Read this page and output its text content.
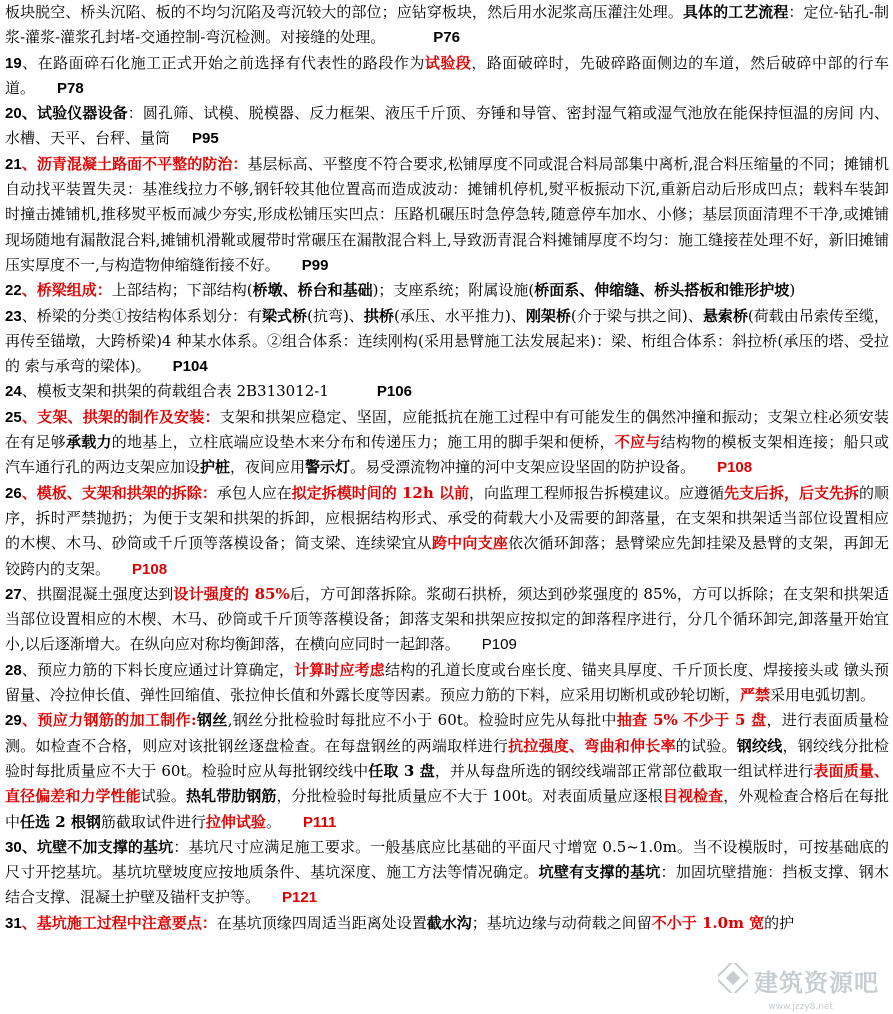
板块脱空、桥头沉陷、板的不均匀沉陷及弯沉较大的部位；应钻穿板块，然后用水泥浆高压灌注处理。具体的工艺流程：定位-钻孔-制浆-灌浆-灌浆孔封堵-交通控制-弯沉检测。对接缝的处理。	P76

19、在路面碎石化施工正式开始之前选择有代表性的路段作为试验段，路面破碎时，先破碎路面侧边的车道，然后破碎中部的行车道。 P78

20、试验仪器设备：圆孔筛、试模、脱模器、反力框架、液压千斤顶、夯锤和导管、密封湿气箱或湿气池放在能保持恒温的房间 内、水槽、天平、台秤、量筒 P95

21、沥青混凝土路面不平整的防治：基层标高、平整度不符合要求,松铺厚度不同或混合料局部集中离析,混合料压缩量的不同；摊铺机自动找平装置失灵：基准线拉力不够,钢钎较其他位置高而造成波动：摊铺机停机,熨平板振动下沉,重新启动后形成凹点；载料车装卸时撞击摊铺机,推移熨平板而减少夯实,形成松铺压实凹点：压路机碾压时急停急转,随意停车加水、小修；基层顶面清理不干净,或摊铺现场随地有漏散混合料,摊铺机滑靴或履带时常碾压在漏散混合料上,导致沥青混合料摊铺厚度不均匀：施工缝接茬处理不好，新旧摊铺压实厚度不一,与构造物伸缩缝衔接不好。 P99

22、桥梁组成：上部结构；下部结构(桥墩、桥台和基础)；支座系统；附属设施(桥面系、伸缩缝、桥头搭板和锥形护坡)

23、桥梁的分类①按结构体系划分：有梁式桥(抗弯)、拱桥(承压、水平推力)、刚架桥(介于梁与拱之间)、悬索桥(荷载由吊索传至缆，再传至锚墩，大跨桥梁)4 种某水体系。②组合体系：连续刚构(采用悬臂施工法发展起来)：梁、桁组合体系：斜拉桥(承压的塔、受拉的 索与承弯的梁体)。 P104

24、模板支架和拱架的荷载组合表 2B313012-1	P106

25、支架、拱架的制作及安装：支架和拱架应稳定、坚固，应能抵抗在施工过程中有可能发生的偶然冲撞和振动；支架立柱必须安装在有足够承载力的地基上，立柱底端应设垫木来分布和传递压力；施工用的脚手架和便桥，不应与结构物的模板支架相连接；船只或汽车通行孔的两边支架应加设护桩，夜间应用警示灯。易受漂流物冲撞的河中支架应设坚固的防护设备。 P108

26、模板、支架和拱架的拆除：承包人应在拟定拆模时间的 12h 以前，向监理工程师报告拆模建议。应遵循先支后拆，后支先拆的顺序，拆时严禁抛扔；为便于支架和拱架的拆卸，应根据结构形式、承受的荷载大小及需要的卸落量，在支架和拱架适当部位设置相应的木楔、木马、砂筒或千斤顶等落模设备；简支梁、连续梁宜从跨中向支座依次循环卸落；悬臂梁应先卸挂梁及悬臂的支架，再卸无铰跨内的支架。 P108

27、拱圈混凝土强度达到设计强度的 85%后，方可卸落拆除。浆砌石拱桥，须达到砂浆强度的 85%，方可以拆除；在支架和拱架适当部位设置相应的木楔、木马、砂筒或千斤顶等落模设备；卸落支架和拱架应按拟定的卸落程序进行，分几个循环卸完,卸落量开始宜小,以后逐渐增大。在纵向应对称均衡卸落，在横向应同时一起卸落。 P109

28、预应力筋的下料长度应通过计算确定，计算时应考虑结构的孔道长度或台座长度、锚夹具厚度、千斤顶长度、焊接接头或 镦头预留量、冷拉伸长值、弹性回缩值、张拉伸长值和外露长度等因素。预应力筋的下料，应采用切断机或砂轮切断，严禁采用电弧切割。

29、预应力钢筋的加工制作:钢丝,钢丝分批检验时每批应不小于 60t。检验时应先从每批中抽查 5% 不少于 5 盘，进行表面质量检测。如检查不合格，则应对该批钢丝逐盘检查。在每盘钢丝的两端取样进行抗拉强度、弯曲和伸长率的试验。钢绞线，钢绞线分批检验时每批质量应不大于 60t。检验时应从每批钢绞线中任取 3 盘，并从每盘所选的钢绞线端部正常部位截取一组试样进行表面质量、直径偏差和力学性能试验。热轧带肋钢筋，分批检验时每批质量应不大于 100t。对表面质量应逐根目视检查，外观检查合格后在每批中任选 2 根钢筋截取试件进行拉伸试验。 P111

30、坑壁不加支撑的基坑：基坑尺寸应满足施工要求。一般基底应比基础的平面尺寸增宽 0.5~1.0m。当不设模版时，可按基础底的尺寸开挖基坑。基坑坑壁坡度应按地质条件、基坑深度、施工方法等情况确定。坑壁有支撑的基坑：加固坑壁措施：挡板支撑、钢木结合支撑、混凝土护壁及锚杆支护等。 P121

31、基坑施工过程中注意要点：在基坑顶缘四周适当距离处设置截水沟；基坑边缘与动荷载之间留不小于 1.0m 宽的护

建筑资源吧
www.jzzy8.net
